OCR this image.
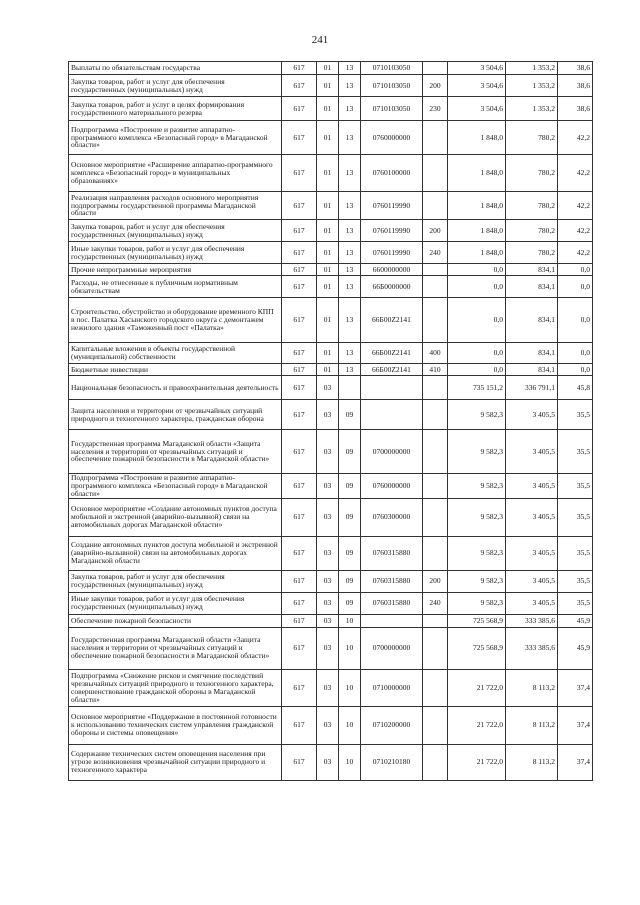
241
Выплаты по обязательствам государства	617	01	13	0710103050		3 504,6	1 353,2	38,6
Закупка товаров, работ и услуг для обеспечения государственных (муниципальных) нужд	617	01	13	0710103050	200	3 504,6	1 353,2	38,6
Закупка товаров, работ и услуг в целях формирования государственного материального резерва	617	01	13	0710103050	230	3 504,6	1 353,2	38,6
Подпрограмма «Построение и развитие аппаратно-программного комплекса «Безопасный город» в Магаданской области»	617	01	13	0760000000		1 848,0	780,2	42,2
Основное мероприятие «Расширение аппаратно-программного комплекса «Безопасный город» в муниципальных образованиях»	617	01	13	0760100000		1 848,0	780,2	42,2
Реализация направления расходов основного мероприятия подпрограммы государственной программы Магаданской области	617	01	13	0760119990		1 848,0	780,2	42,2
Закупка товаров, работ и услуг для обеспечения государственных (муниципальных) нужд	617	01	13	0760119990	200	1 848,0	780,2	42,2
Иные закупки товаров, работ и услуг для обеспечения государственных (муниципальных) нужд	617	01	13	0760119990	240	1 848,0	780,2	42,2
Прочие непрограммные мероприятия	617	01	13	6600000000		0,0	834,1	0,0
Расходы, не отнесенные к публичным нормативным обязательствам	617	01	13	66Б0000000		0,0	834,1	0,0
Строительство, обустройство и оборудование временного КПП в пос. Палатка Хасынского городского округа с демонтажем нежилого здания «Таможенный пост «Палатка»	617	01	13	66Б00Z2141		0,0	834,1	0,0
Капитальные вложения в объекты государственной (муниципальной) собственности	617	01	13	66Б00Z2141	400	0,0	834,1	0,0
Бюджетные инвестиции	617	01	13	66Б00Z2141	410	0,0	834,1	0,0
Национальная безопасность и правоохранительная деятельность	617	03				735 151,2	336 791,1	45,8
Защита населения и территории от чрезвычайных ситуаций природного и техногенного характера, гражданская оборона	617	03	09			9 582,3	3 405,5	35,5
Государственная программа Магаданской области «Защита населения и территории от чрезвычайных ситуаций и обеспечение пожарной безопасности в Магаданской области»	617	03	09	0700000000		9 582,3	3 405,5	35,5
Подпрограмма «Построение и развитие аппаратно-программного комплекса «Безопасный город» в Магаданской области»	617	03	09	0760000000		9 582,3	3 405,5	35,5
Основное мероприятие «Создание автономных пунктов доступа мобильной и экстренной (аварийно-вызывной) связи на автомобильных дорогах Магаданской области»	617	03	09	0760300000		9 582,3	3 405,5	35,5
Создание автономных пунктов доступа мобильной и экстренной (аварийно-вызывной) связи на автомобильных дорогах Магаданской области	617	03	09	0760315880		9 582,3	3 405,5	35,5
Закупка товаров, работ и услуг для обеспечения государственных (муниципальных) нужд	617	03	09	0760315880	200	9 582,3	3 405,5	35,5
Иные закупки товаров, работ и услуг для обеспечения государственных (муниципальных) нужд	617	03	09	0760315880	240	9 582,3	3 405,5	35,5
Обеспечение пожарной безопасности	617	03	10			725 568,9	333 385,6	45,9
Государственная программа Магаданской области «Защита населения и территории от чрезвычайных ситуаций и обеспечение пожарной безопасности в Магаданской области»	617	03	10	0700000000		725 568,9	333 385,6	45,9
Подпрограмма «Снижение рисков и смягчение последствий чрезвычайных ситуаций природного и техногенного характера, совершенствование гражданской обороны в Магаданской области»	617	03	10	0710000000		21 722,0	8 113,2	37,4
Основное мероприятие «Поддержание в постоянной готовности к использованию технических систем управления гражданской обороны и системы оповещения»	617	03	10	0710200000		21 722,0	8 113,2	37,4
Содержание технических систем оповещения населения при угрозе возникновения чрезвычайной ситуации природного и техногенного характера	617	03	10	0710210180		21 722,0	8 113,2	37,4
